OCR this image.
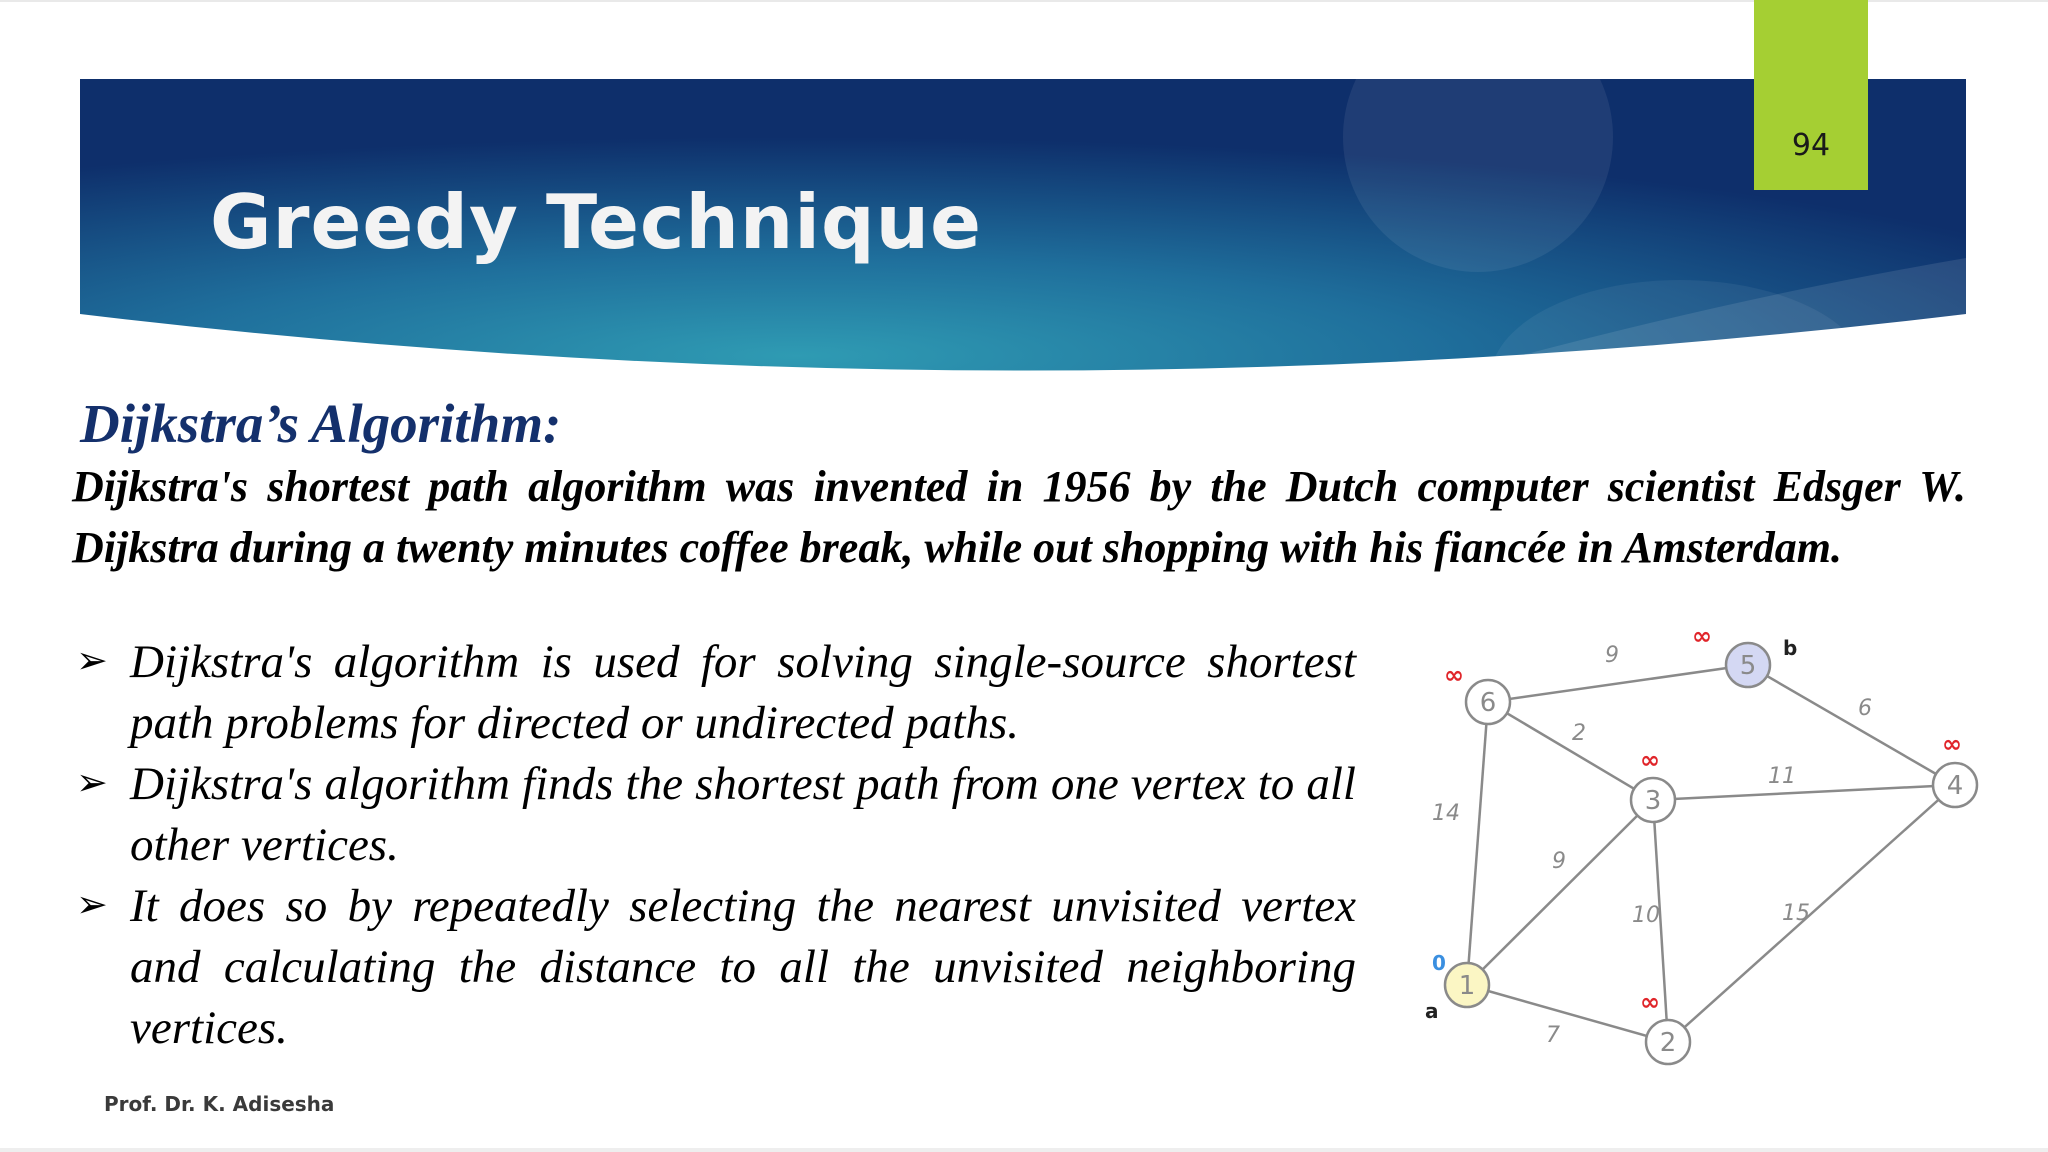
94
Greedy Technique
Dijkstra’s Algorithm:
Dijkstra's shortest path algorithm was invented in 1956 by the Dutch computer scientist Edsger W. Dijkstra during a twenty minutes coffee break, while out shopping with his fiancée in Amsterdam.
➢ Dijkstra's algorithm is used for solving single-source shortest path problems for directed or undirected paths.
➢ Dijkstra's algorithm finds the shortest path from one vertex to all other vertices.
➢ It does so by repeatedly selecting the nearest unvisited vertex and calculating the distance to all the unvisited neighboring vertices.
9
6
2
11
14
9
10	15
7
1
0
a
2
∞
3
∞
4
∞
5
∞	b
6
∞
Prof. Dr. K. Adisesha
